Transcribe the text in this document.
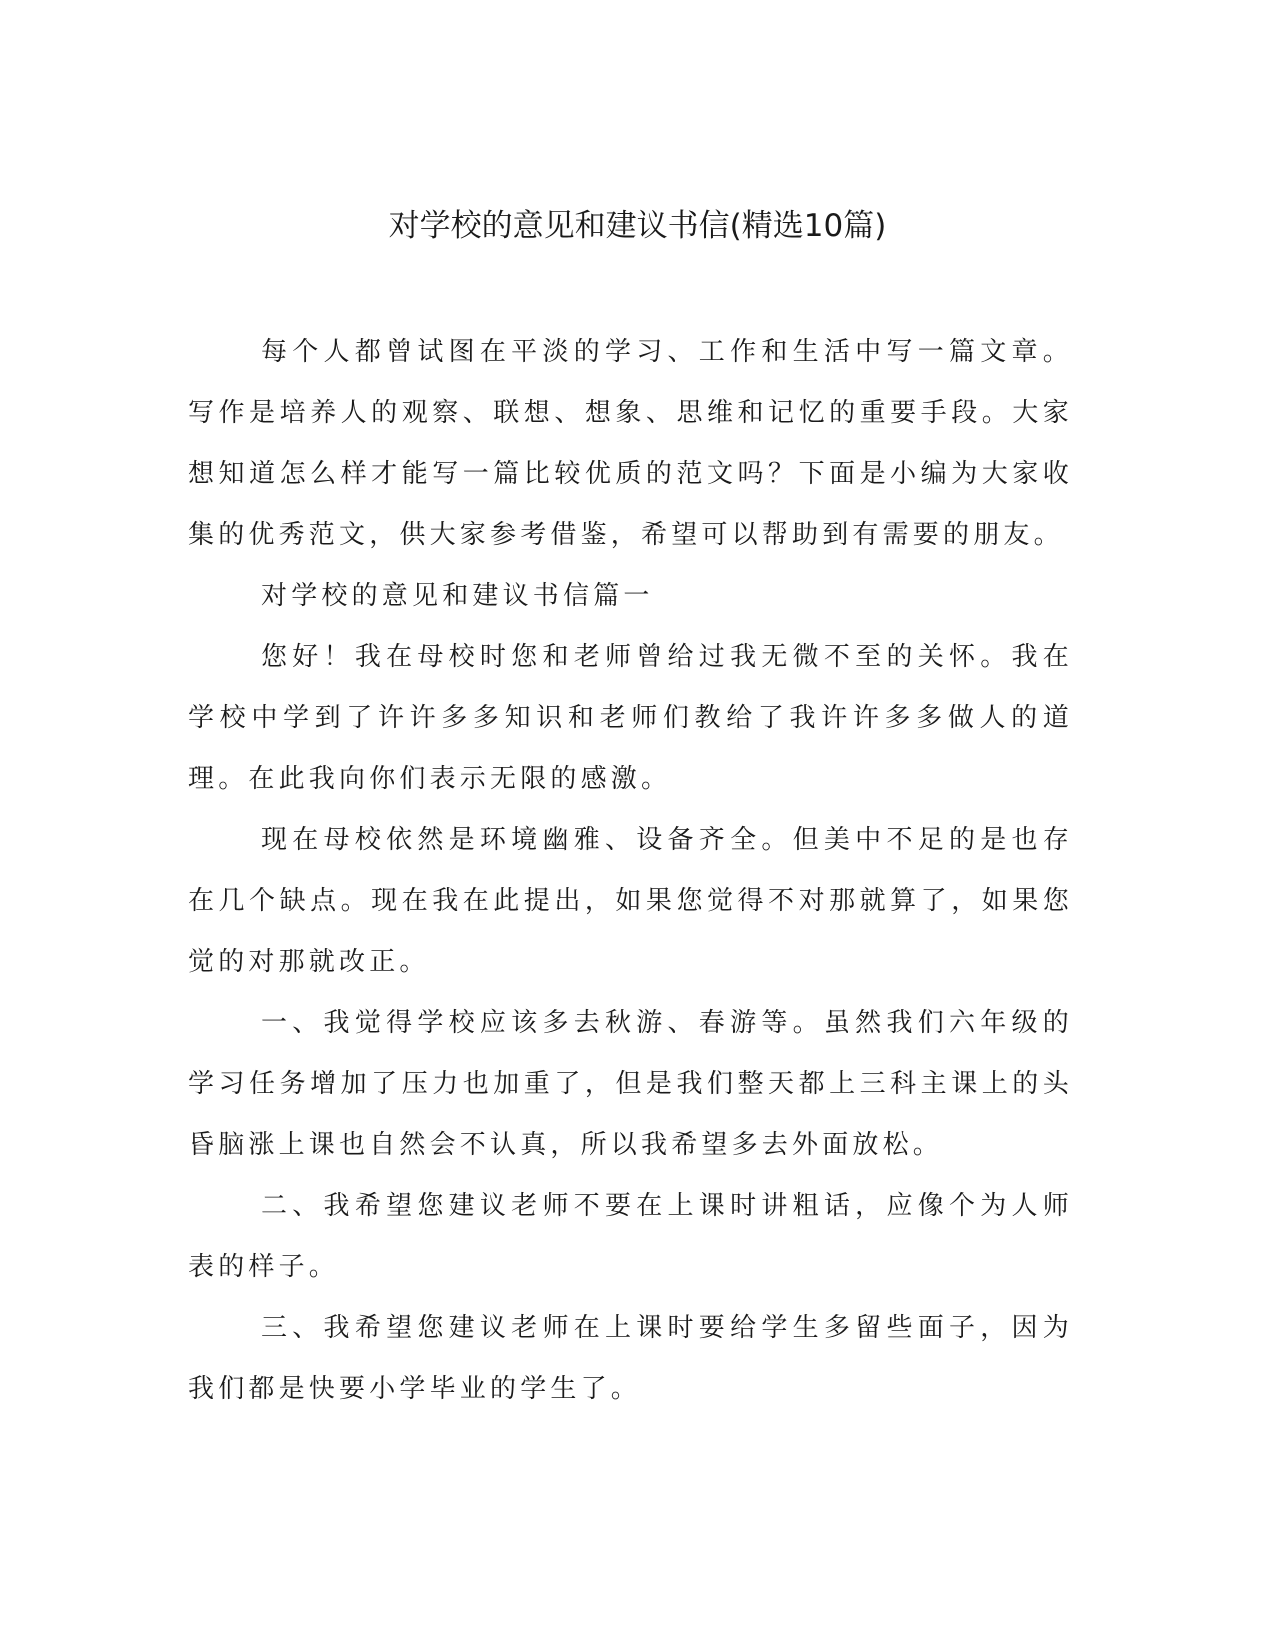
对学校的意见和建议书信(精选10篇)

每个人都曾试图在平淡的学习、工作和生活中写一篇文章。写作是培养人的观察、联想、想象、思维和记忆的重要手段。大家想知道怎么样才能写一篇比较优质的范文吗？下面是小编为大家收集的优秀范文，供大家参考借鉴，希望可以帮助到有需要的朋友。

对学校的意见和建议书信篇一

您好！我在母校时您和老师曾给过我无微不至的关怀。我在学校中学到了许许多多知识和老师们教给了我许许多多做人的道理。在此我向你们表示无限的感激。

现在母校依然是环境幽雅、设备齐全。但美中不足的是也存在几个缺点。现在我在此提出，如果您觉得不对那就算了，如果您觉的对那就改正。

一、我觉得学校应该多去秋游、春游等。虽然我们六年级的学习任务增加了压力也加重了，但是我们整天都上三科主课上的头昏脑涨上课也自然会不认真，所以我希望多去外面放松。

二、我希望您建议老师不要在上课时讲粗话，应像个为人师表的样子。

三、我希望您建议老师在上课时要给学生多留些面子，因为我们都是快要小学毕业的学生了。
